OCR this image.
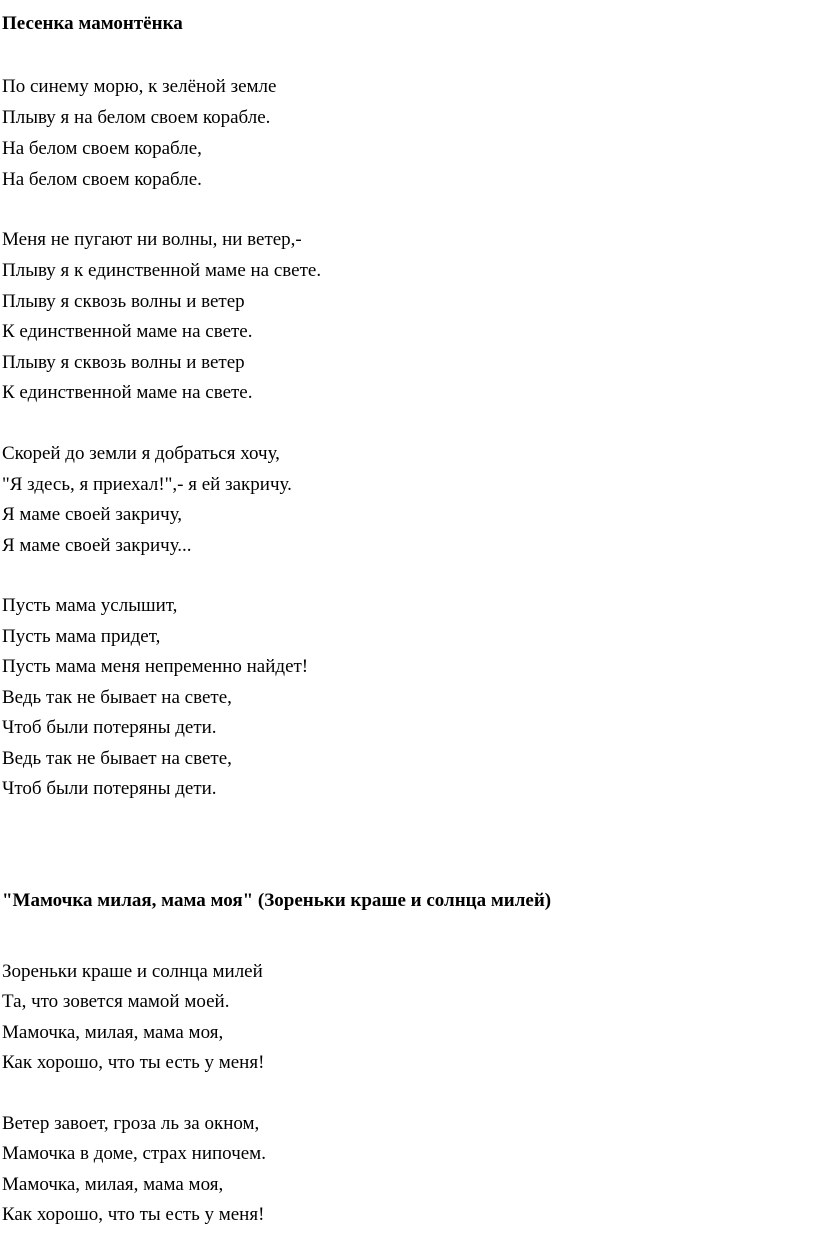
Песенка мамонтёнка
По синему морю, к зелёной земле
Плыву я на белом своем корабле.
На белом своем корабле,
На белом своем корабле.
Меня не пугают ни волны, ни ветер,-
Плыву я к единственной маме на свете.
Плыву я сквозь волны и ветер
К единственной маме на свете.
Плыву я сквозь волны и ветер
К единственной маме на свете.
Скорей до земли я добраться хочу,
"Я здесь, я приехал!",- я ей закричу.
Я маме своей закричу,
Я маме своей закричу...
Пусть мама услышит,
Пусть мама придет,
Пусть мама меня непременно найдет!
Ведь так не бывает на свете,
Чтоб были потеряны дети.
Ведь так не бывает на свете,
Чтоб были потеряны дети.
"Мамочка милая, мама моя" (Зореньки краше и солнца милей)
Зореньки краше и солнца милей
Та, что зовется мамой моей.
Мамочка, милая, мама моя,
Как хорошо, что ты есть у меня!
Ветер завоет, гроза ль за окном,
Мамочка в доме, страх нипочем.
Мамочка, милая, мама моя,
Как хорошо, что ты есть у меня!
